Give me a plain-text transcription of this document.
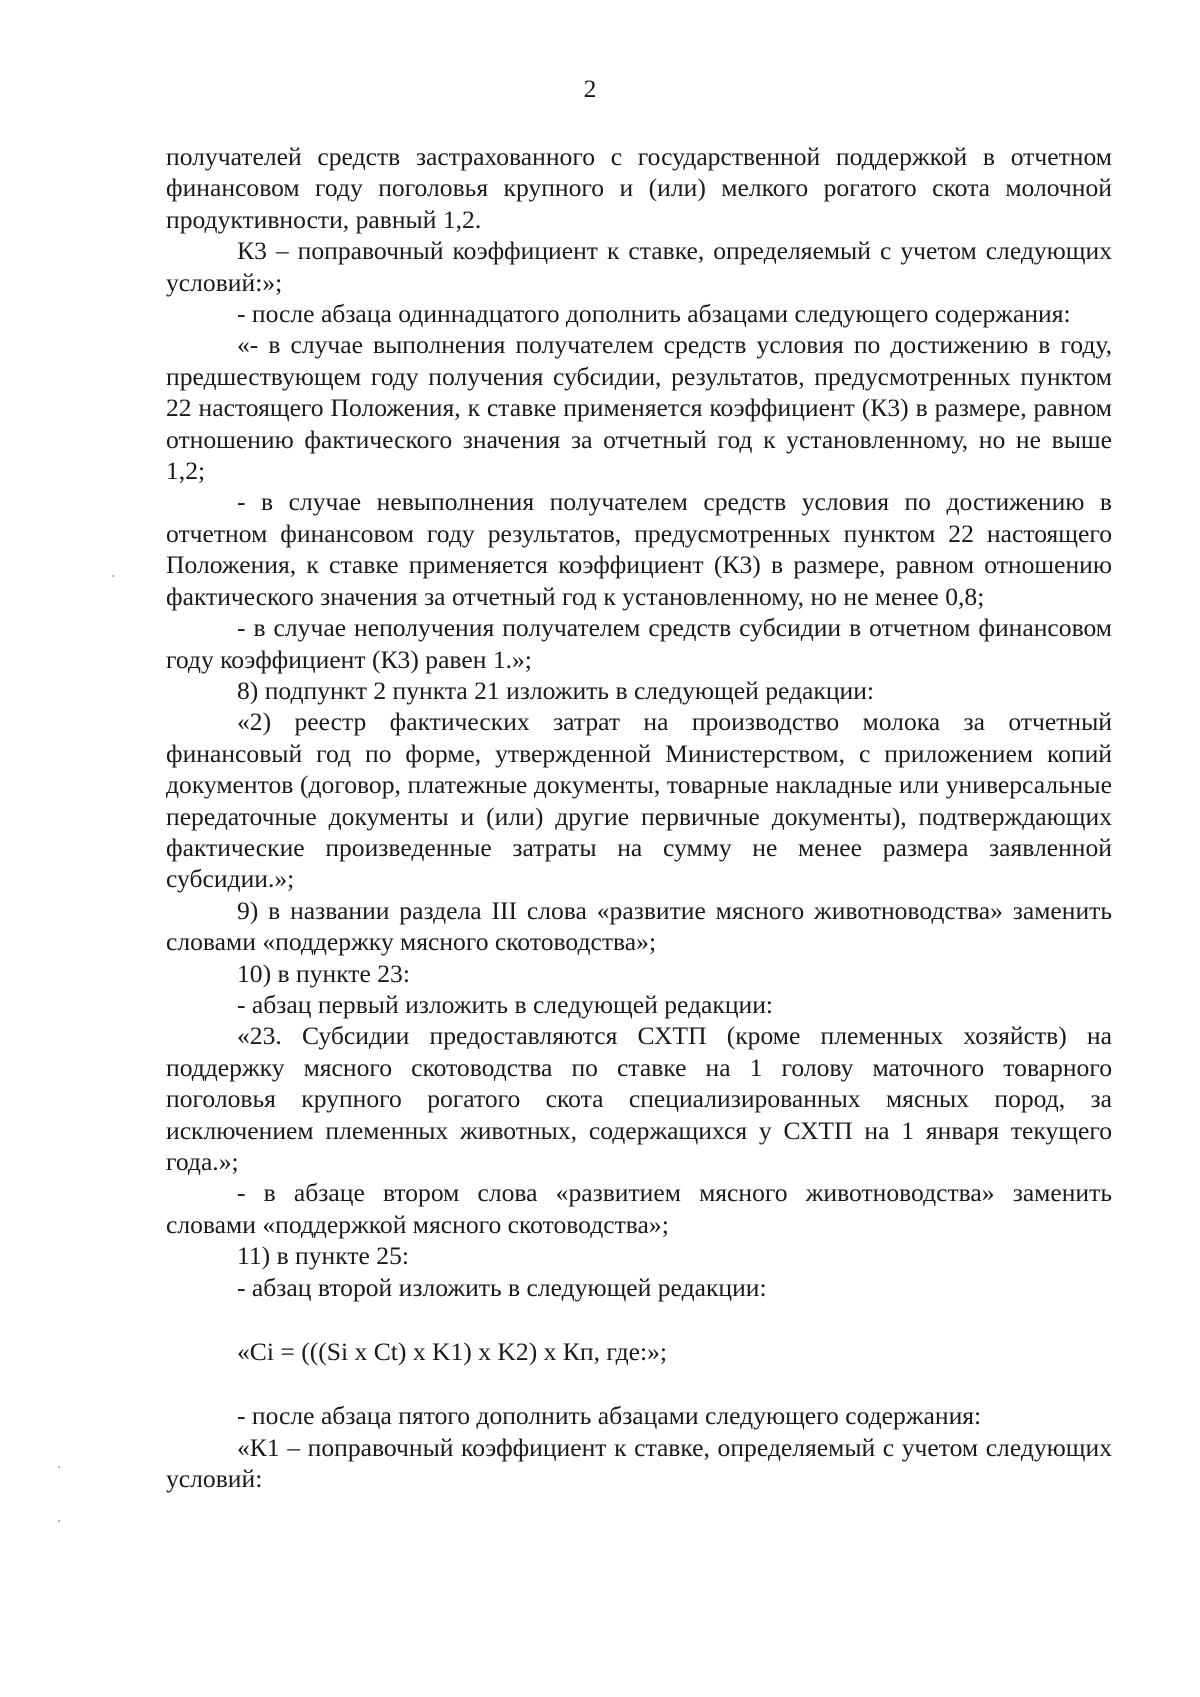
2

получателей средств застрахованного с государственной поддержкой в отчетном финансовом году поголовья крупного и (или) мелкого рогатого скота молочной продуктивности, равный 1,2.

К3 – поправочный коэффициент к ставке, определяемый с учетом следующих условий:»;

- после абзаца одиннадцатого дополнить абзацами следующего содержания:

«- в случае выполнения получателем средств условия по достижению в году, предшествующем году получения субсидии, результатов, предусмотренных пунктом 22 настоящего Положения, к ставке применяется коэффициент (К3) в размере, равном отношению фактического значения за отчетный год к установленному, но не выше 1,2;

- в случае невыполнения получателем средств условия по достижению в отчетном финансовом году результатов, предусмотренных пунктом 22 настоящего Положения, к ставке применяется коэффициент (К3) в размере, равном отношению фактического значения за отчетный год к установленному, но не менее 0,8;

- в случае неполучения получателем средств субсидии в отчетном финансовом году коэффициент (К3) равен 1.»;

8) подпункт 2 пункта 21 изложить в следующей редакции:

«2) реестр фактических затрат на производство молока за отчетный финансовый год по форме, утвержденной Министерством, с приложением копий документов (договор, платежные документы, товарные накладные или универсальные передаточные документы и (или) другие первичные документы), подтверждающих фактические произведенные затраты на сумму не менее размера заявленной субсидии.»;

9) в названии раздела III слова «развитие мясного животноводства» заменить словами «поддержку мясного скотоводства»;

10) в пункте 23:

- абзац первый изложить в следующей редакции:

«23. Субсидии предоставляются СХТП (кроме племенных хозяйств) на поддержку мясного скотоводства по ставке на 1 голову маточного товарного поголовья крупного рогатого скота специализированных мясных пород, за исключением племенных животных, содержащихся у СХТП на 1 января текущего года.»;

- в абзаце втором слова «развитием мясного животноводства» заменить словами «поддержкой мясного скотоводства»;

11) в пункте 25:

- абзац второй изложить в следующей редакции:

«Ci = (((Si x Ct) x K1) x K2) x Кп, где:»;

- после абзаца пятого дополнить абзацами следующего содержания:

«К1 – поправочный коэффициент к ставке, определяемый с учетом следующих условий:
